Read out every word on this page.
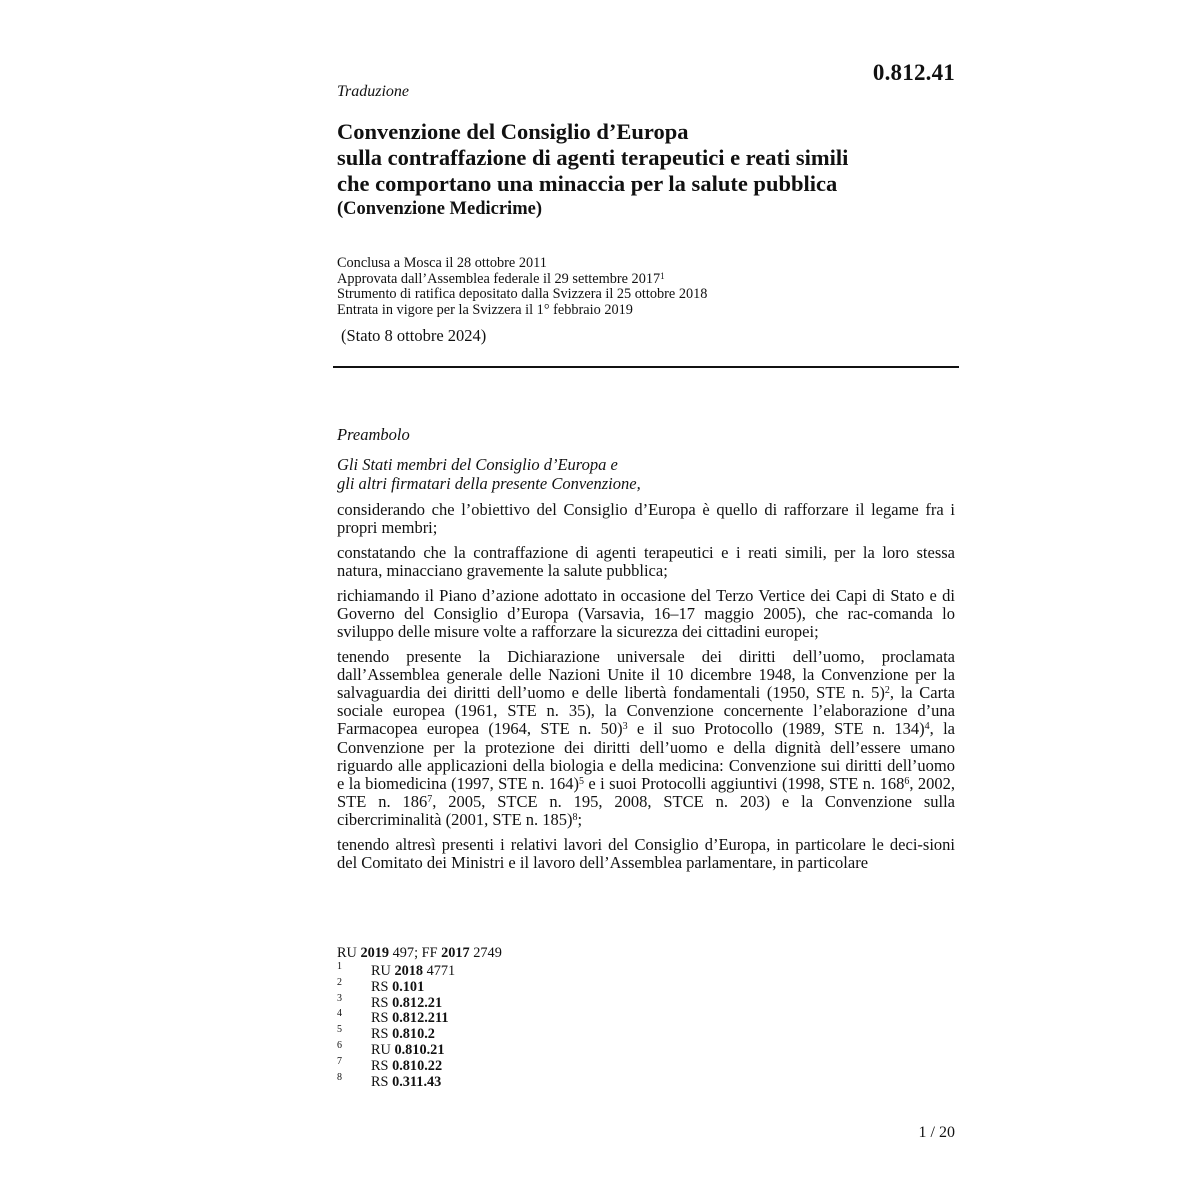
0.812.41
Traduzione
Convenzione del Consiglio d’Europa
sulla contraffazione di agenti terapeutici e reati simili
che comportano una minaccia per la salute pubblica
(Convenzione Medicrime)
Conclusa a Mosca il 28 ottobre 2011
Approvata dall’Assemblea federale il 29 settembre 2017$^1$
Strumento di ratifica depositato dalla Svizzera il 25 ottobre 2018
Entrata in vigore per la Svizzera il 1° febbraio 2019
(Stato 8 ottobre 2024)
Preambolo
Gli Stati membri del Consiglio d’Europa e
gli altri firmatari della presente Convenzione,

considerando che l’obiettivo del Consiglio d’Europa è quello di rafforzare il legame fra i propri membri;

constatando che la contraffazione di agenti terapeutici e i reati simili, per la loro stessa natura, minacciano gravemente la salute pubblica;

richiamando il Piano d’azione adottato in occasione del Terzo Vertice dei Capi di Stato e di Governo del Consiglio d’Europa (Varsavia, 16–17 maggio 2005), che rac-comanda lo sviluppo delle misure volte a rafforzare la sicurezza dei cittadini europei;

tenendo presente la Dichiarazione universale dei diritti dell’uomo, proclamata dall’Assemblea generale delle Nazioni Unite il 10 dicembre 1948, la Convenzione per la salvaguardia dei diritti dell’uomo e delle libertà fondamentali (1950, STE n. 5)$^2$, la Carta sociale europea (1961, STE n. 35), la Convenzione concernente l’elaborazione d’una Farmacopea europea (1964, STE n. 50)$^3$ e il suo Protocollo (1989, STE n. 134)$^4$, la Convenzione per la protezione dei diritti dell’uomo e della dignità dell’essere umano riguardo alle applicazioni della biologia e della medicina: Convenzione sui diritti dell’uomo e la biomedicina (1997, STE n. 164)$^5$ e i suoi Protocolli aggiuntivi (1998, STE n. $168^6$, 2002, STE n. $186^7$, 2005, STCE n. 195, 2008, STCE n. 203) e la Convenzione sulla cibercriminalità (2001, STE n. 185)$^8$;

tenendo altresì presenti i relativi lavori del Consiglio d’Europa, in particolare le deci-sioni del Comitato dei Ministri e il lavoro dell’Assemblea parlamentare, in particolare

RU 2019 497; FF 2017 2749
1 RU 2018 4771
2 RS 0.101
3 RS 0.812.21
4 RS 0.812.211
5 RS 0.810.2
6 RU 0.810.21
7 RS 0.810.22
8 RS 0.311.43
1 / 20
